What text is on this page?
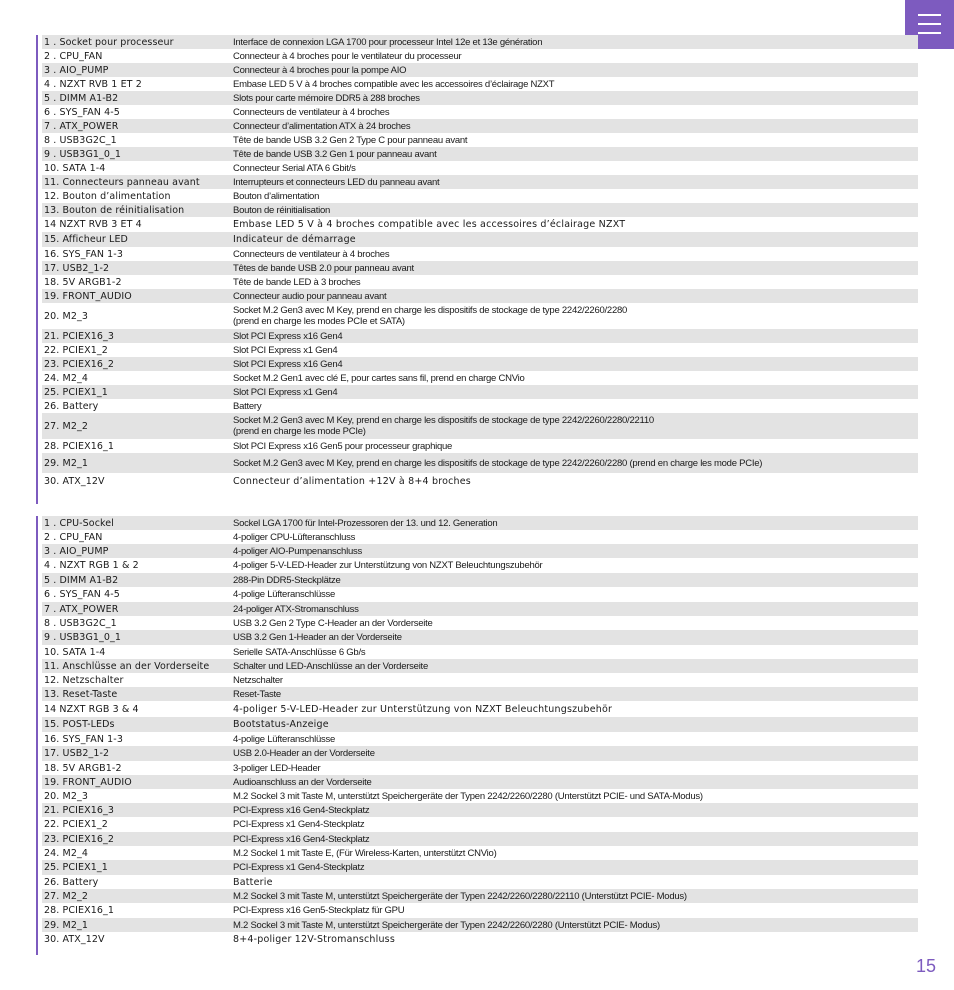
1 . Socket pour processeur	Interface de connexion LGA 1700 pour processeur Intel 12e et 13e génération
2 . CPU_FAN	Connecteur à 4 broches pour le ventilateur du processeur
3 . AIO_PUMP	Connecteur à 4 broches pour la pompe AIO
4 . NZXT RVB 1 ET 2	Embase LED 5 V à 4 broches compatible avec les accessoires d’éclairage NZXT
5 . DIMM A1-B2	Slots pour carte mémoire DDR5 à 288 broches
6 . SYS_FAN 4-5	Connecteurs de ventilateur à 4 broches
7 . ATX_POWER	Connecteur d’alimentation ATX à 24 broches
8 . USB3G2C_1	Tête de bande USB 3.2 Gen 2 Type C pour panneau avant
9 . USB3G1_0_1	Tête de bande USB 3.2 Gen 1 pour panneau avant
10. SATA 1-4	Connecteur Serial ATA 6 Gbit/s
11. Connecteurs panneau avant	Interrupteurs et connecteurs LED du panneau avant
12. Bouton d’alimentation	Bouton d’alimentation
13. Bouton de réinitialisation	Bouton de réinitialisation
14 NZXT RVB 3 ET 4	Embase LED 5 V à 4 broches compatible avec les accessoires d’éclairage NZXT
15. Afficheur LED	Indicateur de démarrage
16. SYS_FAN 1-3	Connecteurs de ventilateur à 4 broches
17. USB2_1-2	Têtes de bande USB 2.0 pour panneau avant
18. 5V ARGB1-2	Tête de bande LED à 3 broches
19. FRONT_AUDIO	Connecteur audio pour panneau avant
20. M2_3	Socket M.2 Gen3 avec M Key, prend en charge les dispositifs de stockage de type 2242/2260/2280
(prend en charge les modes PCIe et SATA)
21. PCIEX16_3	Slot PCI Express x16 Gen4
22. PCIEX1_2	Slot PCI Express x1 Gen4
23. PCIEX16_2	Slot PCI Express x16 Gen4
24. M2_4	Socket M.2 Gen1 avec clé E, pour cartes sans fil, prend en charge CNVio
25. PCIEX1_1	Slot PCI Express x1 Gen4
26. Battery	Battery
27. M2_2	Socket M.2 Gen3 avec M Key, prend en charge les dispositifs de stockage de type 2242/2260/2280/22110
(prend en charge les mode PCIe)
28. PCIEX16_1	Slot PCI Express x16 Gen5 pour processeur graphique
29. M2_1	Socket M.2 Gen3 avec M Key, prend en charge les dispositifs de stockage de type 2242/2260/2280 (prend en charge les mode PCIe)
30. ATX_12V	Connecteur d’alimentation +12V à 8+4 broches
1 . CPU-Sockel	Sockel LGA 1700 für Intel-Prozessoren der 13. und 12. Generation
2 . CPU_FAN	4-poliger CPU-Lüfteranschluss
3 . AIO_PUMP	4-poliger AIO-Pumpenanschluss
4 . NZXT RGB 1 & 2	4-poliger 5-V-LED-Header zur Unterstützung von NZXT Beleuchtungszubehör
5 . DIMM A1-B2	288-Pin DDR5-Steckplätze
6 . SYS_FAN 4-5	4-polige Lüfteranschlüsse
7 . ATX_POWER	24-poliger ATX-Stromanschluss
8 . USB3G2C_1	USB 3.2 Gen 2 Type C-Header an der Vorderseite
9 . USB3G1_0_1	USB 3.2 Gen 1-Header an der Vorderseite
10. SATA 1-4	Serielle SATA-Anschlüsse 6 Gb/s
11. Anschlüsse an der Vorderseite	Schalter und LED-Anschlüsse an der Vorderseite
12. Netzschalter	Netzschalter
13. Reset-Taste	Reset-Taste
14 NZXT RGB 3 & 4	4-poliger 5-V-LED-Header zur Unterstützung von NZXT Beleuchtungszubehör
15. POST-LEDs	Bootstatus-Anzeige
16. SYS_FAN 1-3	4-polige Lüfteranschlüsse
17. USB2_1-2	USB 2.0-Header an der Vorderseite
18. 5V ARGB1-2	3-poliger LED-Header
19. FRONT_AUDIO	Audioanschluss an der Vorderseite
20. M2_3	M.2 Sockel 3 mit Taste M, unterstützt Speichergeräte der Typen 2242/2260/2280 (Unterstützt PCIE- und SATA-Modus)
21. PCIEX16_3	PCI-Express x16 Gen4-Steckplatz
22. PCIEX1_2	PCI-Express x1 Gen4-Steckplatz
23. PCIEX16_2	PCI-Express x16 Gen4-Steckplatz
24. M2_4	M.2 Sockel 1 mit Taste E, (Für Wireless-Karten, unterstützt CNVio)
25. PCIEX1_1	PCI-Express x1 Gen4-Steckplatz
26. Battery	Batterie
27. M2_2	M.2 Sockel 3 mit Taste M, unterstützt Speichergeräte der Typen 2242/2260/2280/22110 (Unterstützt PCIE- Modus)
28. PCIEX16_1	PCI-Express x16 Gen5-Steckplatz für GPU
29. M2_1	M.2 Sockel 3 mit Taste M, unterstützt Speichergeräte der Typen 2242/2260/2280 (Unterstützt PCIE- Modus)
30. ATX_12V	8+4-poliger 12V-Stromanschluss
15
